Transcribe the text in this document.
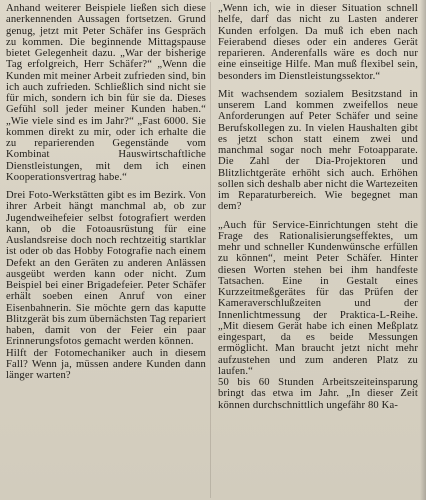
Anhand weiterer Beispiele ließen sich diese anerkennenden Aussagen fortsetzen. Grund genug, jetzt mit Peter Schäfer ins Gespräch zu kommen. Die beginnende Mittagspause bietet Gelegenheit dazu. „War der bisherige Tag erfolgreich, Herr Schäfer?“ „Wenn die Kunden mit meiner Arbeit zufrieden sind, bin ich auch zufrieden. Schließlich sind nicht sie für mich, sondern ich bin für sie da. Dieses Gefühl soll jeder meiner Kunden haben.“ „Wie viele sind es im Jahr?“ „Fast 6000. Sie kommen direkt zu mir, oder ich erhalte die zu reparierenden Gegenstände vom Kombinat Hauswirtschaftliche Dienstleistungen, mit dem ich einen Kooperationsvertrag habe.“

Drei Foto-Werkstätten gibt es im Bezirk. Von ihrer Arbeit hängt manchmal ab, ob zur Jugendweihefeier selbst fotografiert werden kann, ob die Fotoausrüstung für eine Auslandsreise doch noch rechtzeitig startklar ist oder ob das Hobby Fotografie nach einem Defekt an den Geräten zu anderen Anlässen ausgeübt werden kann oder nicht. Zum Beispiel bei einer Brigadefeier. Peter Schäfer erhält soeben einen Anruf von einer Eisenbahnerin. Sie möchte gern das kaputte Blitzgerät bis zum übernächsten Tag repariert haben, damit von der Feier ein paar Erinnerungsfotos gemacht werden können.

Hilft der Fotomechaniker auch in diesem Fall? Wenn ja, müssen andere Kunden dann länger warten?

„Wenn ich, wie in dieser Situation schnell helfe, darf das nicht zu Lasten anderer Kunden erfolgen. Da muß ich eben nach Feierabend dieses oder ein anderes Gerät reparieren. Anderenfalls wäre es doch nur eine einseitige Hilfe. Man muß flexibel sein, besonders im Dienstleistungssektor.“

Mit wachsendem sozialem Besitzstand in unserem Land kommen zweifellos neue Anforderungen auf Peter Schäfer und seine Berufskollegen zu. In vielen Haushalten gibt es jetzt schon statt einem zwei und manchmal sogar noch mehr Fotoapparate. Die Zahl der Dia-Projektoren und Blitzlichtgeräte erhöht sich auch. Erhöhen sollen sich deshalb aber nicht die Wartezeiten im Reparaturbereich. Wie begegnet man dem?

„Auch für Service-Einrichtungen steht die Frage des Rationalisierungseffektes, um mehr und schneller Kundenwünsche erfüllen zu können“, meint Peter Schäfer. Hinter diesen Worten stehen bei ihm handfeste Tatsachen. Eine in Gestalt eines Kurzzeitmeßgerätes für das Prüfen der Kameraverschlußzeiten und der Innenlichtmessung der Praktica-L-Reihe. „Mit diesem Gerät habe ich einen Meßplatz eingespart, da es beide Messungen ermöglicht. Man braucht jetzt nicht mehr aufzustehen und zum anderen Platz zu laufen.“

50 bis 60 Stunden Arbeitszeiteinsparung bringt das etwa im Jahr. „In dieser Zeit können durchschnittlich ungefähr 80 Ka-
